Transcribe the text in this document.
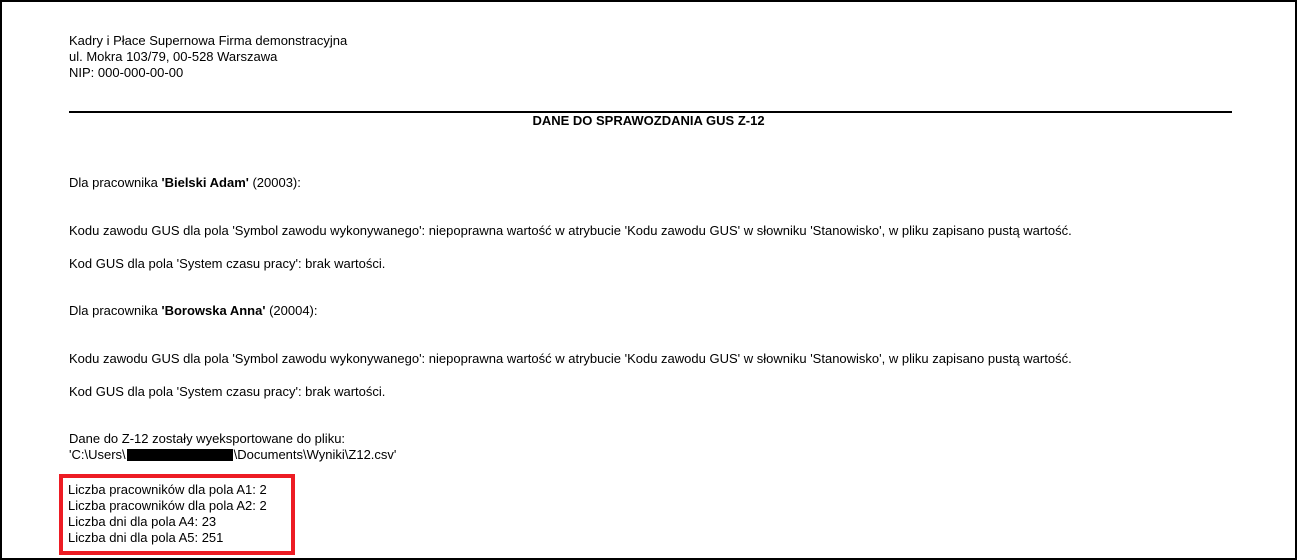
Kadry i Płace Supernowa Firma demonstracyjna
ul. Mokra 103/79, 00-528 Warszawa
NIP: 000-000-00-00
DANE DO SPRAWOZDANIA GUS Z-12
Dla pracownika 'Bielski Adam' (20003):
Kodu zawodu GUS dla pola 'Symbol zawodu wykonywanego': niepoprawna wartość w atrybucie 'Kodu zawodu GUS' w słowniku 'Stanowisko', w pliku zapisano pustą wartość.
Kod GUS dla pola 'System czasu pracy': brak wartości.
Dla pracownika 'Borowska Anna' (20004):
Kodu zawodu GUS dla pola 'Symbol zawodu wykonywanego': niepoprawna wartość w atrybucie 'Kodu zawodu GUS' w słowniku 'Stanowisko', w pliku zapisano pustą wartość.
Kod GUS dla pola 'System czasu pracy': brak wartości.
Dane do Z-12 zostały wyeksportowane do pliku:
'C:\Users\	\Documents\Wyniki\Z12.csv'
Liczba pracowników dla pola A1: 2
Liczba pracowników dla pola A2: 2
Liczba dni dla pola A4: 23
Liczba dni dla pola A5: 251
